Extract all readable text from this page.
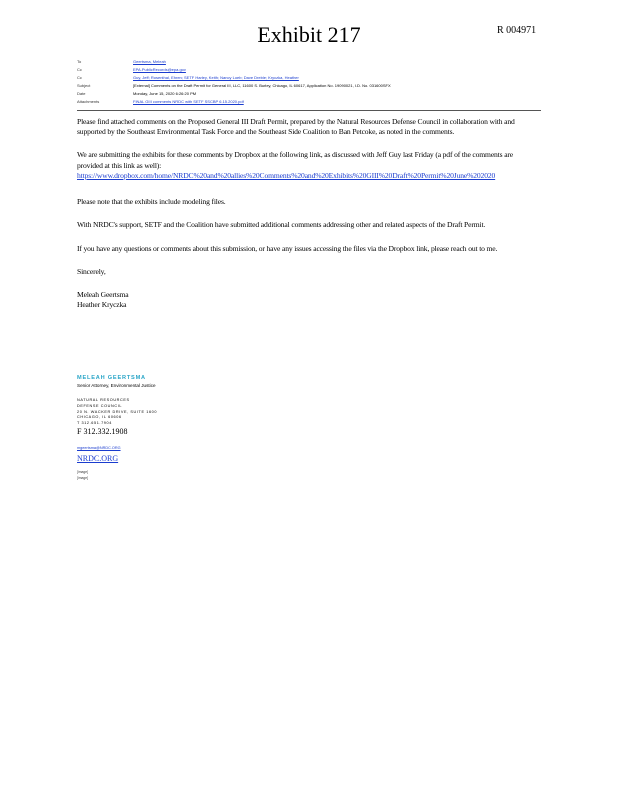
Exhibit 217	R 004971
To	Geertsma, Meleah
Cc	EPA.PublicRecords@epa.gov
Cc	Guy, Jeff; Rosenthal, Ehren; SETF Harley, Keith; Nancy Loeb; Dave Dreble; Kryczka, Heather
Subject	[External] Comments on the Draft Permit for General III, LLC, 11600 S. Burley, Chicago, IL 60617, Application No. 19090021, I.D. No. 031600SFX
Date	Monday, June 15, 2020 6:26:20 PM
Attachments	FINAL GIII comments NRDC with SETF SSCBP 6.15.2020.pdf

Please find attached comments on the Proposed General III Draft Permit, prepared by the Natural Resources Defense Council in collaboration with and supported by the Southeast Environmental Task Force and the Southeast Side Coalition to Ban Petcoke, as noted in the comments.

We are submitting the exhibits for these comments by Dropbox at the following link, as discussed with Jeff Guy last Friday (a pdf of the comments are provided at this link as well):
https://www.dropbox.com/home/NRDC%20and%20allies%20Comments%20and%20Exhibits%20GIII%20Draft%20Permit%20June%202020

Please note that the exhibits include modeling files.

With NRDC's support, SETF and the Coalition have submitted additional comments addressing other and related aspects of the Draft Permit.

If you have any questions or comments about this submission, or have any issues accessing the files via the Dropbox link, please reach out to me.

Sincerely,

Meleah Geertsma
Heather Kryczka
MELEAH GEERTSMA
Senior Attorney, Environmental Justice
NATURAL RESOURCES
DEFENSE COUNCIL
20 N. WACKER DRIVE, SUITE 1600
CHICAGO, IL 60606
T 312.651.7904
F 312.332.1908
mgeertsma@NRDC.ORG
NRDC.ORG
[image]
[image]
